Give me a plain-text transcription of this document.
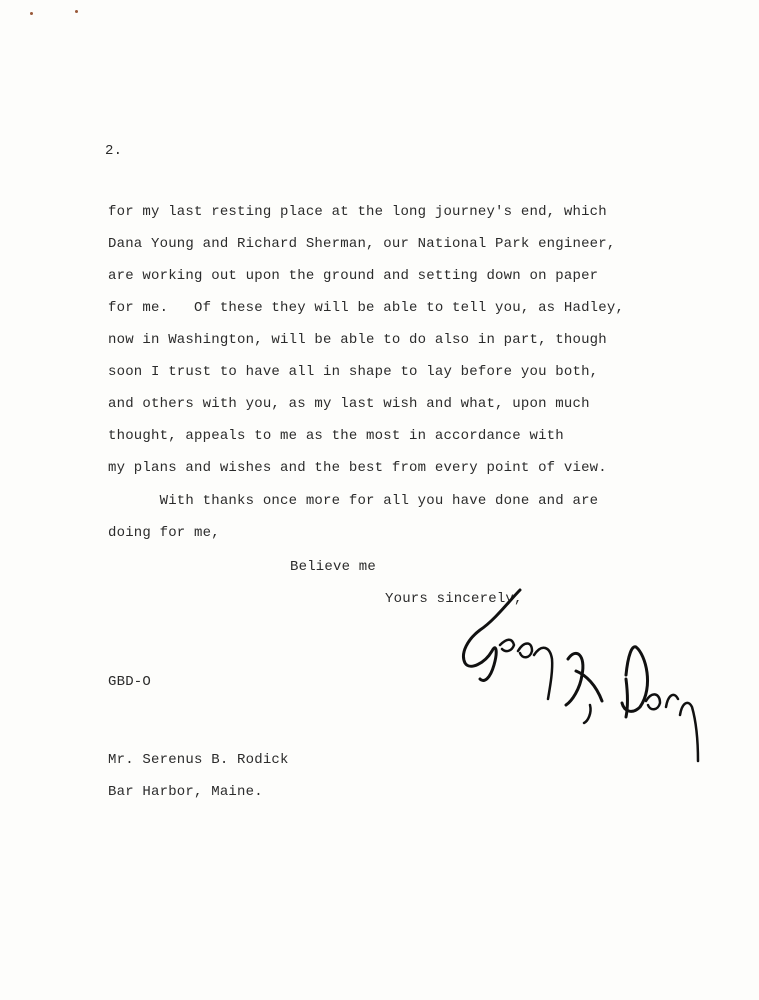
2.
for my last resting place at the long journey's end, which
Dana Young and Richard Sherman, our National Park engineer,
are working out upon the ground and setting down on paper
for me.   Of these they will be able to tell you, as Hadley,
now in Washington, will be able to do also in part, though
soon I trust to have all in shape to lay before you both,
and others with you, as my last wish and what, upon much
thought, appeals to me as the most in accordance with
my plans and wishes and the best from every point of view.
With thanks once more for all you have done and are
doing for me,
Believe me
Yours sincerely,
GBD-O
Mr. Serenus B. Rodick
Bar Harbor, Maine.
